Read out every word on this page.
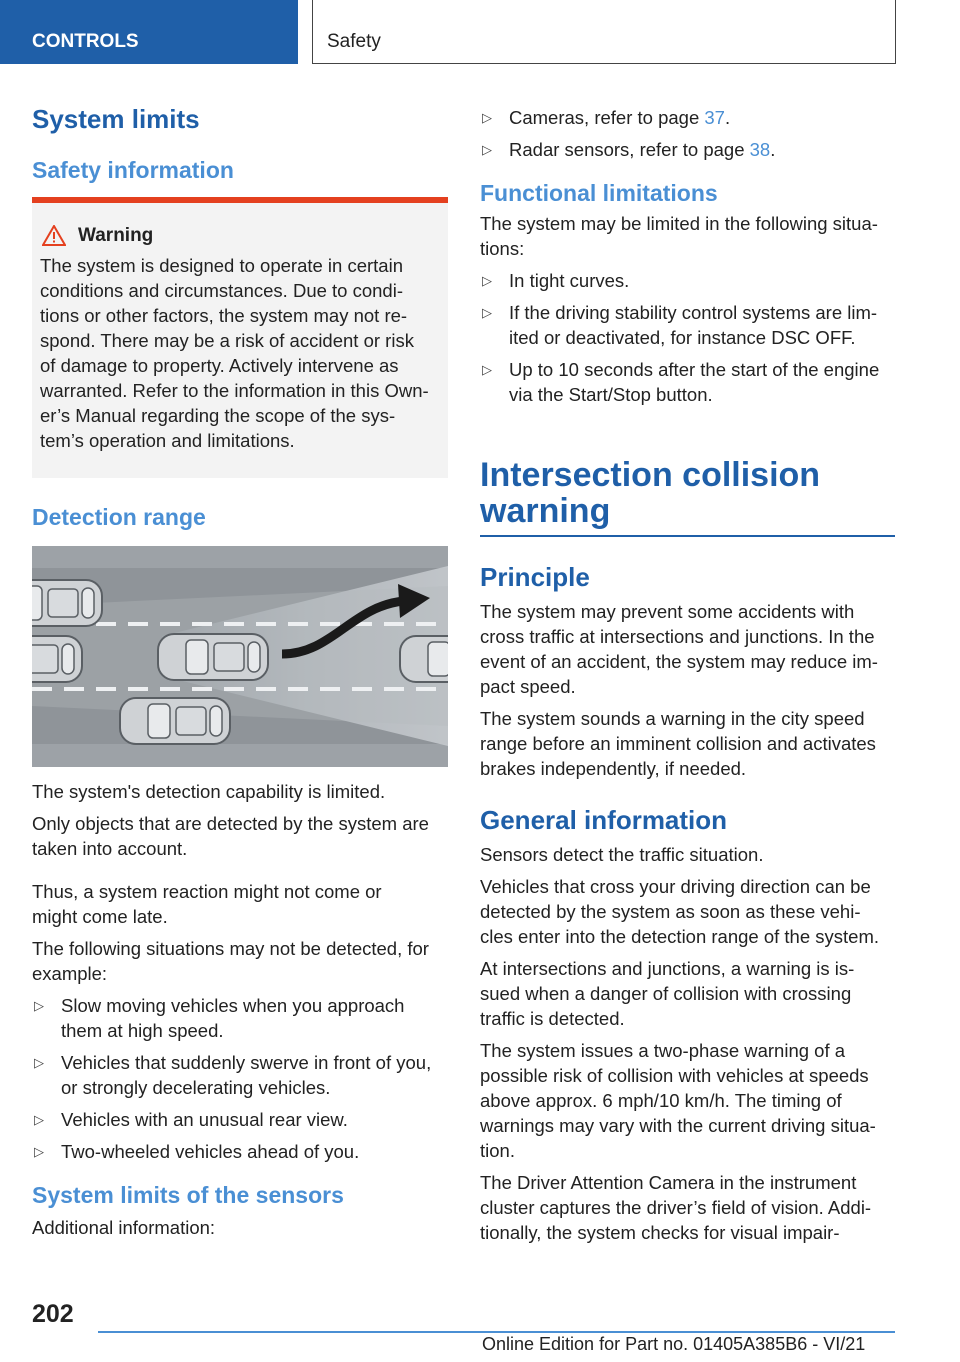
CONTROLS	Safety
System limits
Safety information
Warning
The system is designed to operate in certain
conditions and circumstances. Due to condi-
tions or other factors, the system may not re-
spond. There may be a risk of accident or risk
of damage to property. Actively intervene as
warranted. Refer to the information in this Own-
er’s Manual regarding the scope of the sys-
tem’s operation and limitations.
Detection range

The system's detection capability is limited.

Only objects that are detected by the system are

taken into account.

Thus, a system reaction might not come or

might come late.

The following situations may not be detected, for

example:

▷ Slow moving vehicles when you approach
them at high speed.
▷ Vehicles that suddenly swerve in front of you,
or strongly decelerating vehicles.
▷ Vehicles with an unusual rear view.
▷ Two-wheeled vehicles ahead of you.
System limits of the sensors

Additional information:

▷ Cameras, refer to page 37.
▷ Radar sensors, refer to page 38.
Functional limitations

The system may be limited in the following situa-

tions:

▷ In tight curves.
▷ If the driving stability control systems are lim-
ited or deactivated, for instance DSC OFF.
▷ Up to 10 seconds after the start of the engine
via the Start/Stop button.
Intersection collision
warning
Principle

The system may prevent some accidents with

cross traffic at intersections and junctions. In the

event of an accident, the system may reduce im-

pact speed.

The system sounds a warning in the city speed

range before an imminent collision and activates

brakes independently, if needed.

General information

Sensors detect the traffic situation.

Vehicles that cross your driving direction can be

detected by the system as soon as these vehi-

cles enter into the detection range of the system.

At intersections and junctions, a warning is is-

sued when a danger of collision with crossing

traffic is detected.

The system issues a two-phase warning of a

possible risk of collision with vehicles at speeds

above approx. 6 mph/10 km/h. The timing of

warnings may vary with the current driving situa-

tion.

The Driver Attention Camera in the instrument

cluster captures the driver’s field of vision. Addi-

tionally, the system checks for visual impair-

202
Online Edition for Part no. 01405A385B6 - VI/21
